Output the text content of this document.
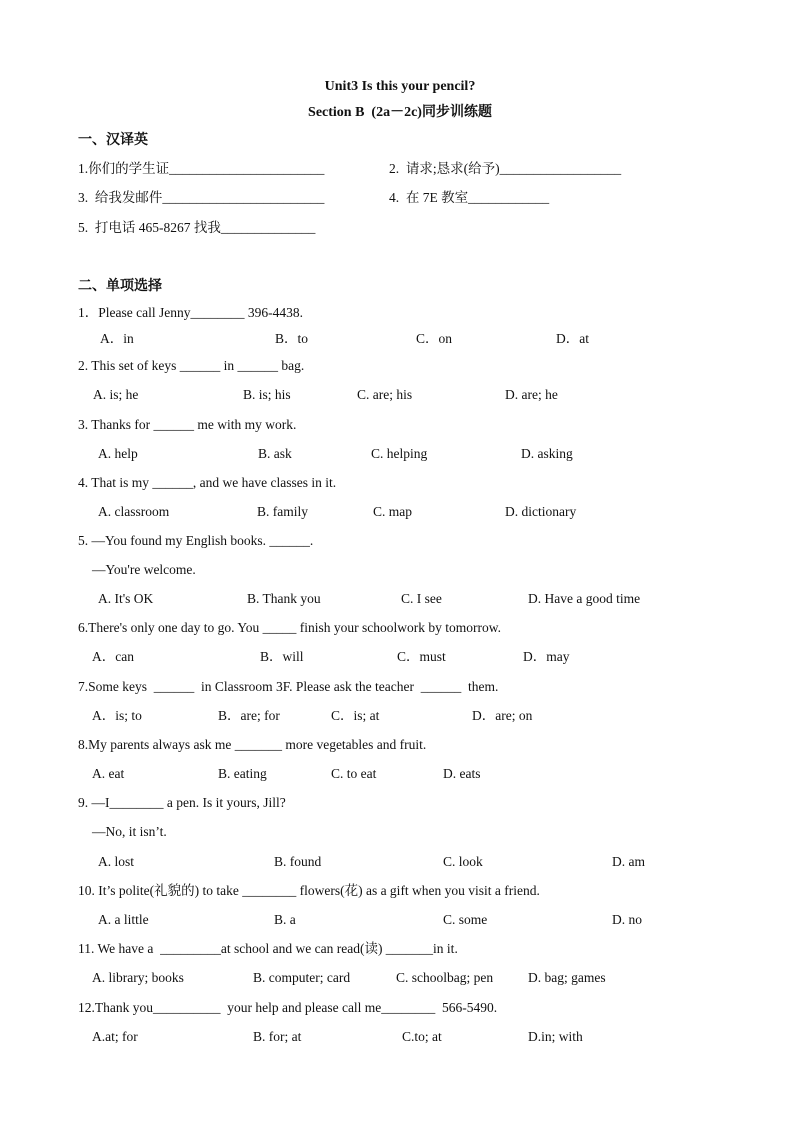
Unit3 Is this your pencil?
Section B  (2a－2c)同步训练题
一、汉译英
1.你们的学生证_______________________	2.  请求;恳求(给予)__________________
3.  给我发邮件________________________	4.  在 7E 教室____________
5.  打电话 465-8267 找我______________
二、单项选择
1．Please call Jenny________ 396-4438.
A．in	B．to	C．on	D．at
2. This set of keys ______ in ______ bag.
A. is; he	B. is; his	C. are; his	D. are; he
3. Thanks for ______ me with my work.
A. help	B. ask	C. helping	D. asking
4. That is my ______, and we have classes in it.
A. classroom	B. family	C. map	D. dictionary
5. —You found my English books. ______.
—You're welcome.
A. It's OK	B. Thank you	C. I see	D. Have a good time
6.There's only one day to go. You _____ finish your schoolwork by tomorrow.
A．can	B．will	C．must	D．may
7.Some keys  ______  in Classroom 3F. Please ask the teacher  ______  them.
A．is; to	B．are; for	C．is; at	D．are; on
8.My parents always ask me _______ more vegetables and fruit.
A. eat	B. eating	C. to eat	D. eats
9. —I________ a pen. Is it yours, Jill?
—No, it isn’t.
A. lost	B. found	C. look	D. am
10. It’s polite(礼貌的) to take ________ flowers(花) as a gift when you visit a friend.
A. a little	B. a	C. some	D. no
11. We have a  _________at school and we can read(读) _______in it.
A. library; books	B. computer; card	C. schoolbag; pen	D. bag; games
12.Thank you__________  your help and please call me________  566-5490.
A.at; for	B. for; at	C.to; at	D.in; with
